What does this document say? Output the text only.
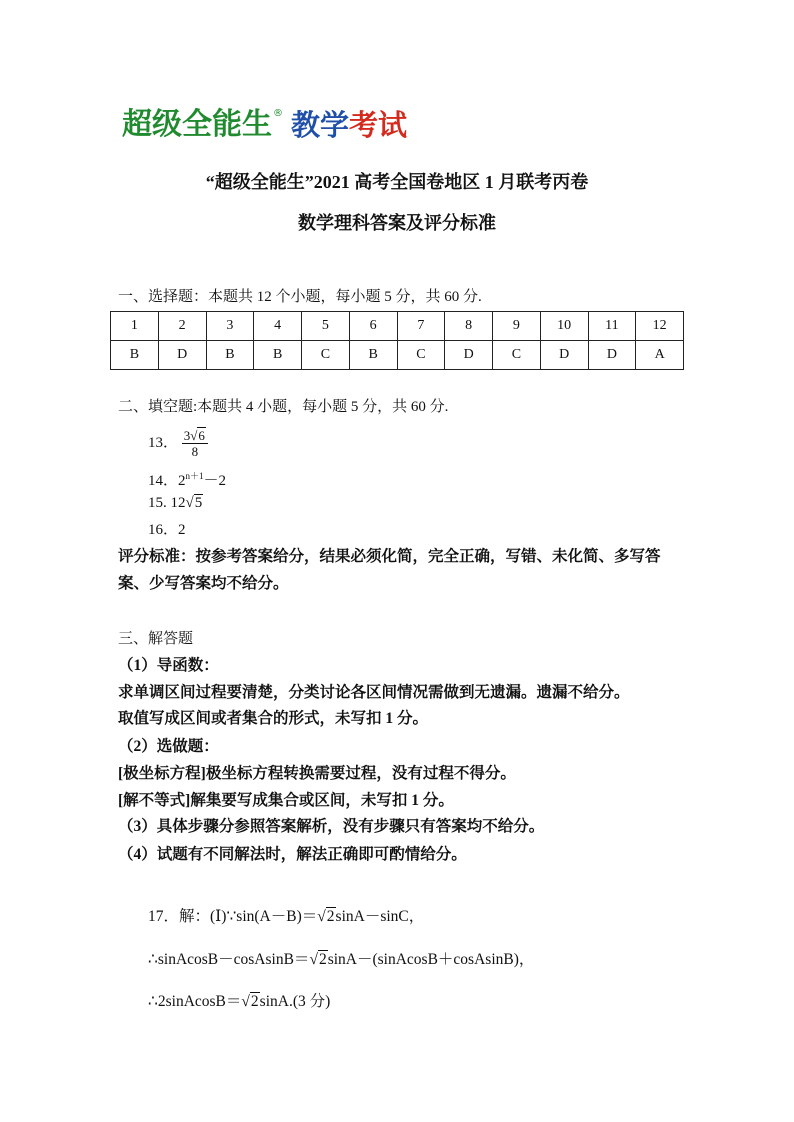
超级全能生 ® 教学 考试
“超级全能生”2021 高考全国卷地区 1 月联考丙卷
数学理科答案及评分标准
一、选择题：本题共 12 个小题，每小题 5 分，共 60 分.
1	2	3	4	5	6	7	8	9	10	11	12
B	D	B	B	C	B	C	D	C	D	D	A
二、填空题:本题共 4 小题，每小题 5 分，共 60 分.
13． $\frac{3√6}{8}$
14．$2^{n+1}-2$
15. 12√5
16．2
评分标准：按参考答案给分，结果必须化简，完全正确，写错、未化简、多写答
案、少写答案均不给分。
三、解答题
（1）导函数：
求单调区间过程要清楚，分类讨论各区间情况需做到无遗漏。遗漏不给分。
取值写成区间或者集合的形式，未写扣 1 分。
（2）选做题：
[极坐标方程]极坐标方程转换需要过程，没有过程不得分。
[解不等式]解集要写成集合或区间，未写扣 1 分。
（3）具体步骤分参照答案解析，没有步骤只有答案均不给分。
（4）试题有不同解法时，解法正确即可酌情给分。
17．解：(Ⅰ)∵sin(A－B)＝√2sinA－sinC，
∴sinAcosB－cosAsinB＝√2sinA－(sinAcosB＋cosAsinB)，
∴2sinAcosB＝√2sinA.(3 分)
